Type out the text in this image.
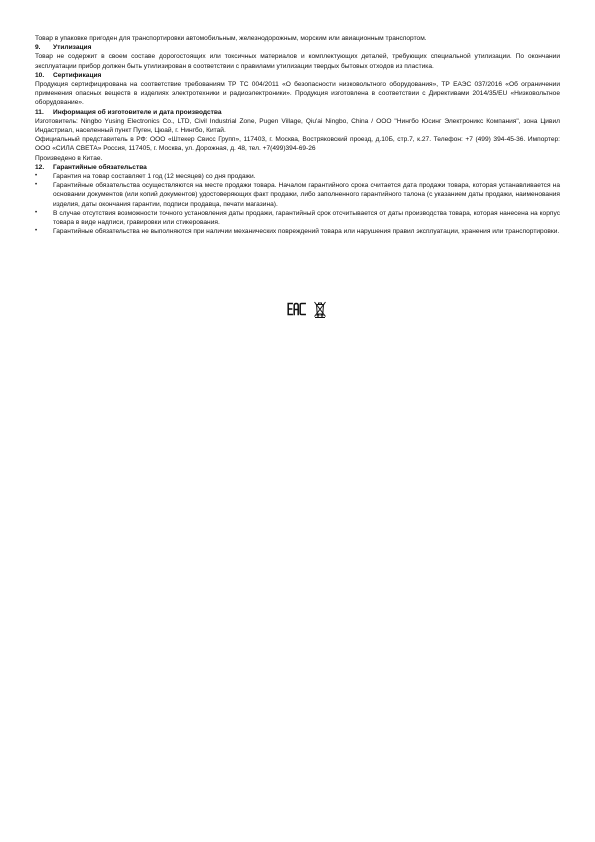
Товар в упаковке пригоден для транспортировки автомобильным, железнодорожным, морским или авиационным транспортом.

9. Утилизация

Товар не содержит в своем составе дорогостоящих или токсичных материалов и комплектующих деталей, требующих специальной утилизации. По окончании эксплуатации прибор должен быть утилизирован в соответствии с правилами утилизации твердых бытовых отходов из пластика.

10. Сертификация

Продукция сертифицирована на соответствие требованиям ТР ТС 004/2011 «О безопасности низковольтного оборудования», ТР ЕАЭС 037/2016 «Об ограничении применения опасных веществ в изделиях электротехники и радиоэлектроники». Продукция изготовлена в соответствии с Директивами 2014/35/EU «Низковольтное оборудование».

11. Информация об изготовителе и дата производства

Изготовитель: Ningbo Yusing Electronics Co., LTD, Civil Industrial Zone, Pugen Village, Qiu'ai Ningbo, China / ООО "Нингбо Юсинг Электроникс Компания", зона Цивил Индастриал, населенный пункт Пуген, Цюай, г. Нингбо, Китай.

Официальный представитель в РФ: ООО «Штекер Свисс Групп», 117403, г. Москва, Востряковский проезд, д.10Б, стр.7, к.27. Телефон: +7 (499) 394-45-36. Импортер: ООО «СИЛА СВЕТА» Россия, 117405, г. Москва, ул. Дорожная, д. 48, тел. +7(499)394-69-26

Произведено в Китае.

12. Гарантийные обязательства

•	Гарантия на товар составляет 1 год (12 месяцев) со дня продажи.
•	Гарантийные обязательства осуществляются на месте продажи товара. Началом гарантийного срока считается дата продажи товара, которая устанавливается на основании документов (или копий документов) удостоверяющих факт продажи, либо заполненного гарантийного талона (с указанием даты продажи, наименования изделия, даты окончания гарантии, подписи продавца, печати магазина).
•	В случае отсутствия возможности точного установления даты продажи, гарантийный срок отсчитывается от даты производства товара, которая нанесена на корпус товара в виде надписи, гравировки или стикерования.
•	Гарантийные обязательства не выполняются при наличии механических повреждений товара или нарушения правил эксплуатации, хранения или транспортировки.
